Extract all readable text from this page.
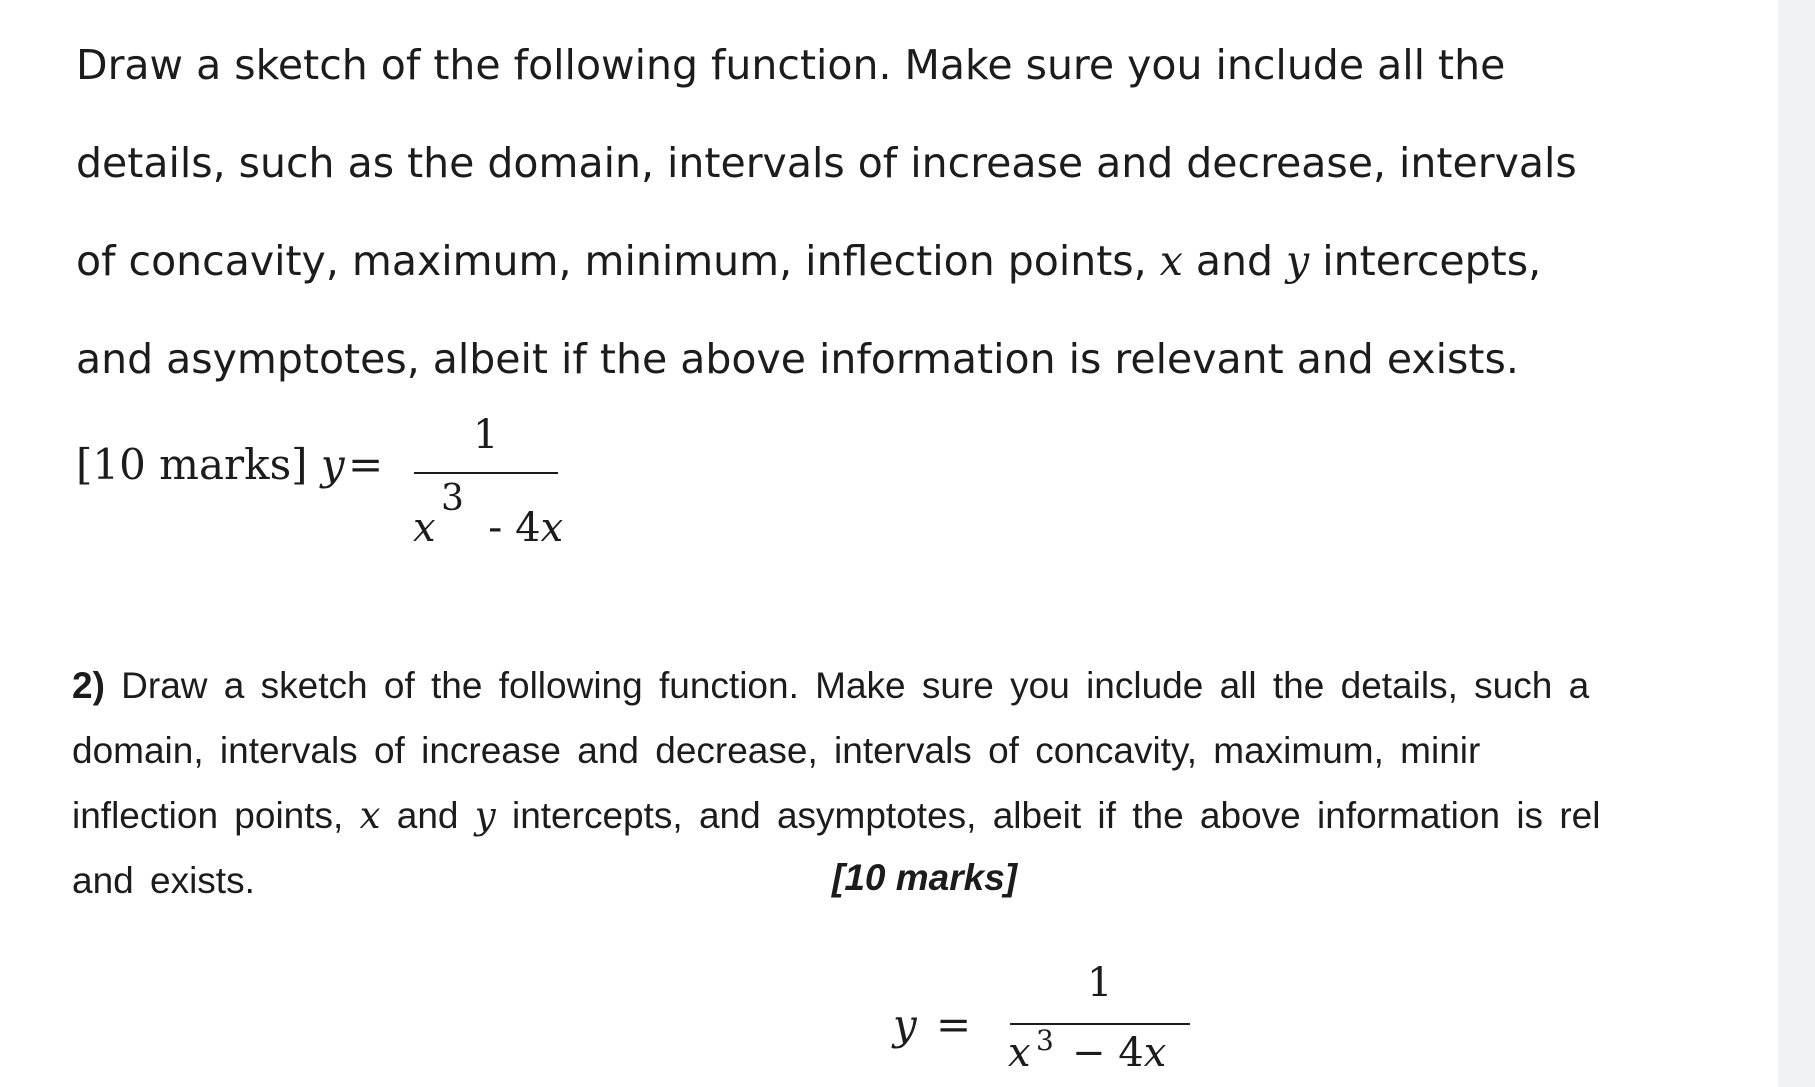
Draw a sketch of the following function. Make sure you include all the
details, such as the domain, intervals of increase and decrease, intervals
of concavity, maximum, minimum, inflection points, x and y intercepts,
and asymptotes, albeit if the above information is relevant and exists.
[10 marks] y =
1
3
x - 4x
2) Draw a sketch of the following function. Make sure you include all the details, such a
domain, intervals of increase and decrease, intervals of concavity, maximum, minir
inflection points, x and y intercepts, and asymptotes, albeit if the above information is rel
and exists.	[10 marks]
y =
1
x 3 − 4x
